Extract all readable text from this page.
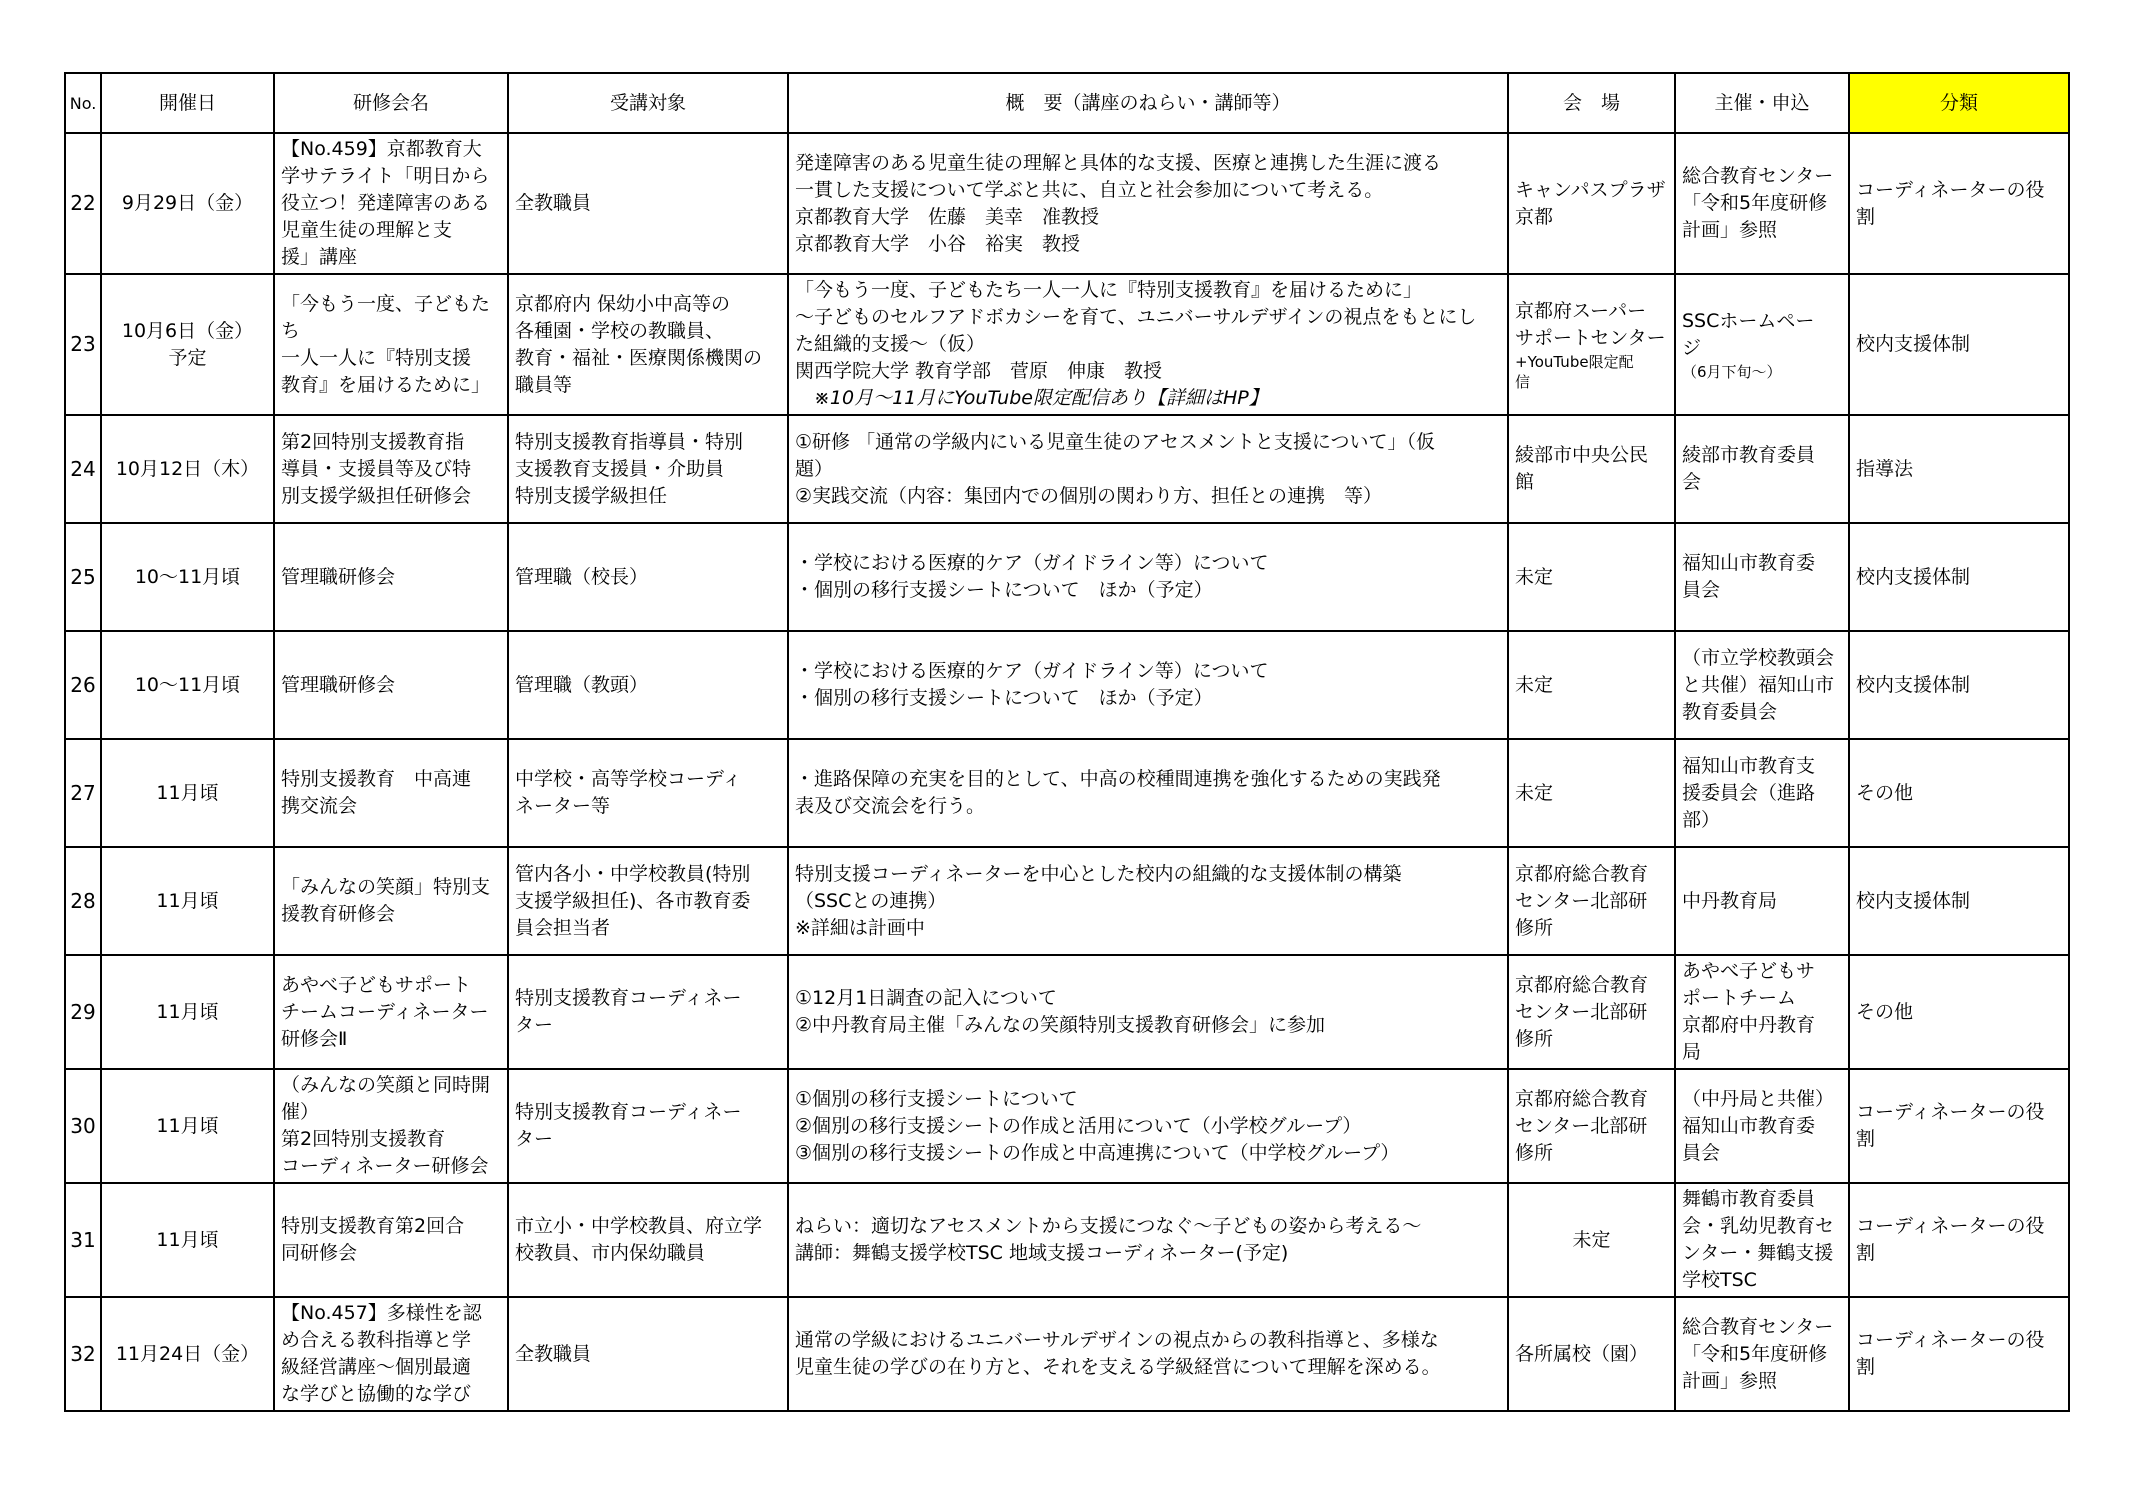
No.	開催日	研修会名	受講対象	概　要（講座のねらい・講師等）	会　場	主催・申込	分類
22	9月29日（金）	【No.459】京都教育大
学サテライト「明日から
役立つ！発達障害のある
児童生徒の理解と支
援」講座	全教職員	発達障害のある児童生徒の理解と具体的な支援、医療と連携した生涯に渡る
一貫した支援について学ぶと共に、自立と社会参加について考える。
京都教育大学　佐藤　美幸　准教授
京都教育大学　小谷　裕実　教授	キャンパスプラザ
京都	総合教育センター
「令和5年度研修
計画」参照	コーディネーターの役
割

23	10月6日（金）
予定	「今もう一度、子どもたち
一人一人に『特別支援
教育』を届けるために」	京都府内 保幼小中高等の
各種園・学校の教職員、
教育・福祉・医療関係機関の
職員等	「今もう一度、子どもたち一人一人に『特別支援教育』を届けるために」
～子どものセルフアドボカシーを育て、ユニバーサルデザインの視点をもとにし
た組織的支援～（仮）
関西学院大学 教育学部　菅原　伸康　教授
　※10月～11月にYouTube限定配信あり【詳細はHP】	京都府スーパー
サポートセンター
+YouTube限定配
信	SSCホームペー
ジ
（6月下旬～）	校内支援体制

24	10月12日（木）	第2回特別支援教育指
導員・支援員等及び特
別支援学級担任研修会	特別支援教育指導員・特別
支援教育支援員・介助員
特別支援学級担任	①研修 「通常の学級内にいる児童生徒のアセスメントと支援について」（仮
題）
②実践交流（内容：集団内での個別の関わり方、担任との連携　等）	綾部市中央公民
館	綾部市教育委員
会	指導法

25	10～11月頃	管理職研修会	管理職（校長）	・学校における医療的ケア（ガイドライン等）について
・個別の移行支援シートについて　ほか（予定）	未定	福知山市教育委
員会	校内支援体制

26	10～11月頃	管理職研修会	管理職（教頭）	・学校における医療的ケア（ガイドライン等）について
・個別の移行支援シートについて　ほか（予定）	未定	（市立学校教頭会
と共催）福知山市
教育委員会	校内支援体制

27	11月頃	特別支援教育　中高連
携交流会	中学校・高等学校コーディ
ネーター等	・進路保障の充実を目的として、中高の校種間連携を強化するための実践発
表及び交流会を行う。	未定	福知山市教育支
援委員会（進路
部）	その他

28	11月頃	「みんなの笑顔」特別支
援教育研修会	管内各小・中学校教員(特別
支援学級担任)、各市教育委
員会担当者	特別支援コーディネーターを中心とした校内の組織的な支援体制の構築
（SSCとの連携）
※詳細は計画中	京都府総合教育
センター北部研
修所	中丹教育局	校内支援体制

29	11月頃	あやべ子どもサポート
チームコーディネーター
研修会Ⅱ	特別支援教育コーディネー
ター	①12月1日調査の記入について
②中丹教育局主催「みんなの笑顔特別支援教育研修会」に参加	京都府総合教育
センター北部研
修所	あやべ子どもサ
ポートチーム
京都府中丹教育
局	その他

30	11月頃	（みんなの笑顔と同時開
催）
第2回特別支援教育
コーディネーター研修会	特別支援教育コーディネー
ター	①個別の移行支援シートについて
②個別の移行支援シートの作成と活用について（小学校グループ）
③個別の移行支援シートの作成と中高連携について（中学校グループ）	京都府総合教育
センター北部研
修所	（中丹局と共催）
福知山市教育委
員会	コーディネーターの役
割

31	11月頃	特別支援教育第2回合
同研修会	市立小・中学校教員、府立学
校教員、市内保幼職員	ねらい：適切なアセスメントから支援につなぐ～子どもの姿から考える～
講師：舞鶴支援学校TSC 地域支援コーディネーター(予定)	未定	舞鶴市教育委員
会・乳幼児教育セ
ンター・舞鶴支援
学校TSC	コーディネーターの役
割

32	11月24日（金）	【No.457】多様性を認
め合える教科指導と学
級経営講座～個別最適
な学びと協働的な学び	全教職員	通常の学級におけるユニバーサルデザインの視点からの教科指導と、多様な
児童生徒の学びの在り方と、それを支える学級経営について理解を深める。	各所属校（園）	総合教育センター
「令和5年度研修
計画」参照	コーディネーターの役
割
